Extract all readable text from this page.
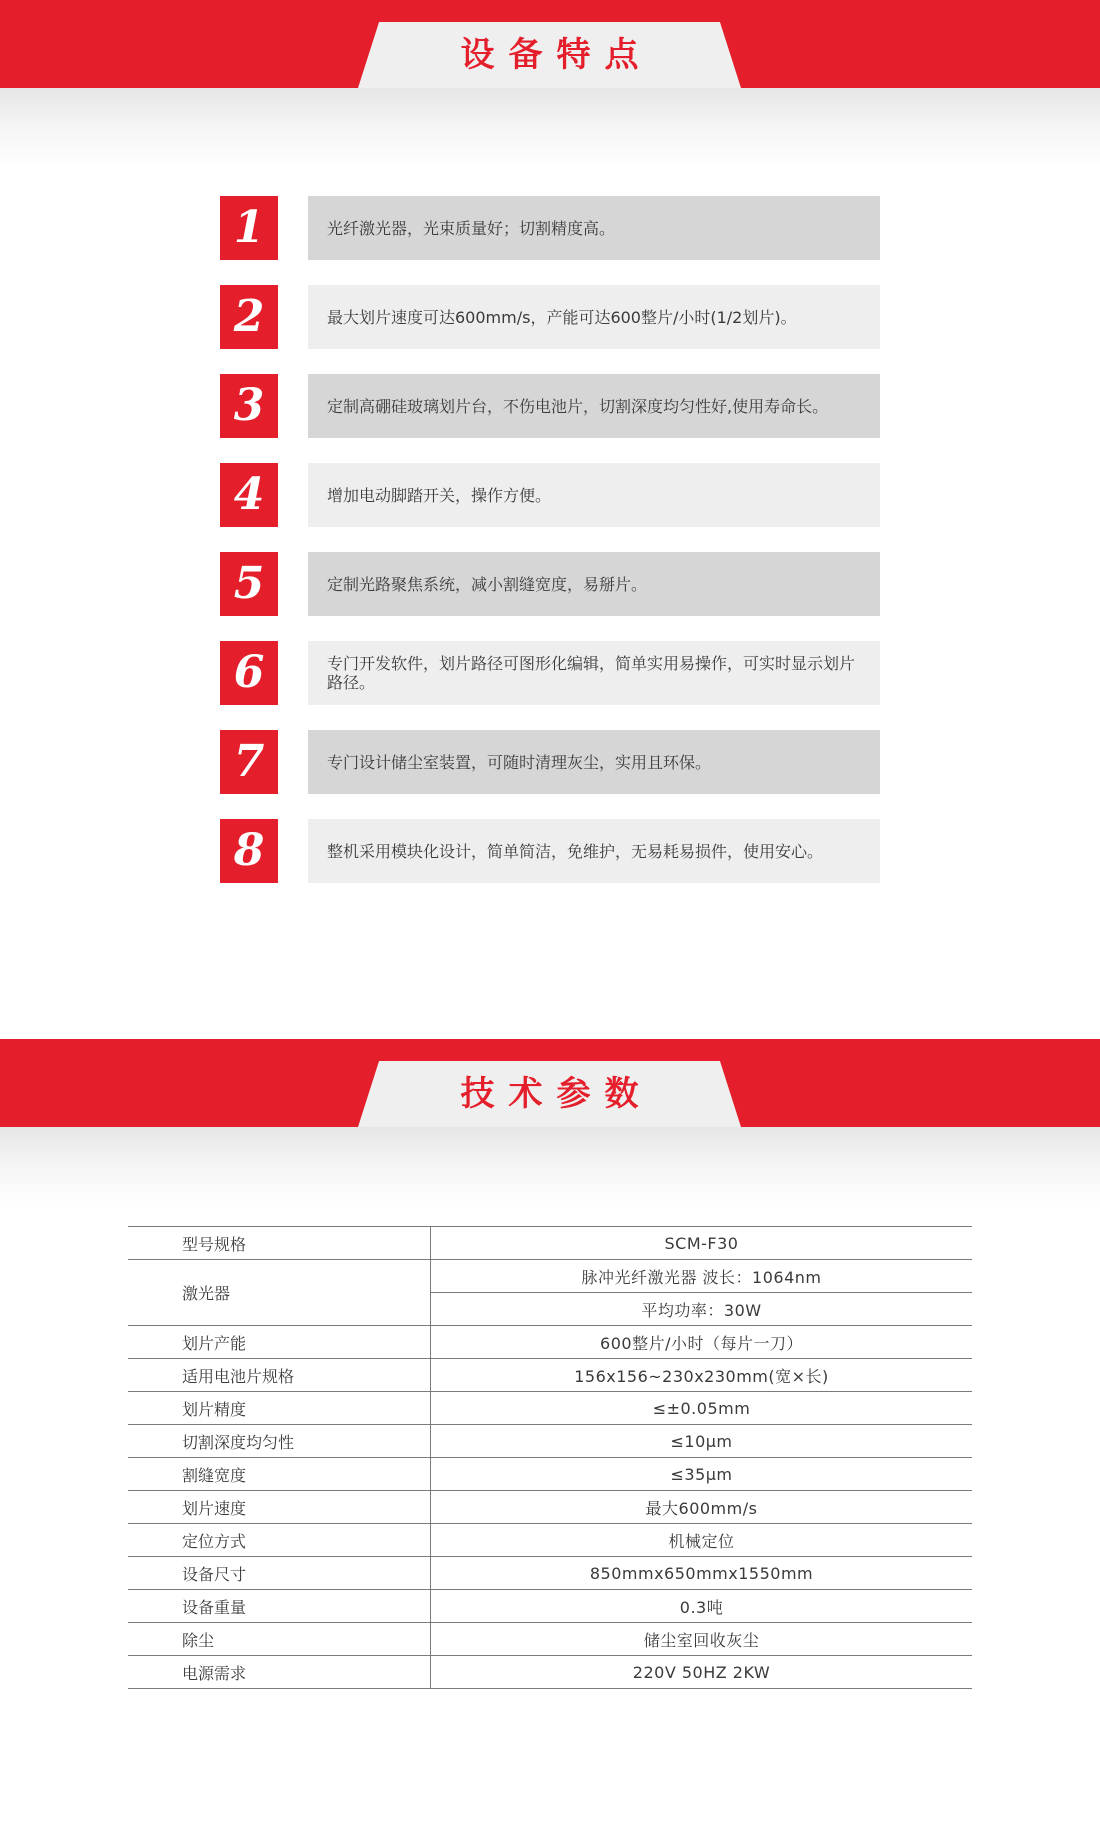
设备特点
1	光纤激光器，光束质量好；切割精度高。
2	最大划片速度可达600mm/s，产能可达600整片/小时(1/2划片)。
3	定制高硼硅玻璃划片台，不伤电池片，切割深度均匀性好,使用寿命长。
4	增加电动脚踏开关，操作方便。
5	定制光路聚焦系统，减小割缝宽度，易掰片。
6	专门开发软件，划片路径可图形化编辑，简单实用易操作，可实时显示划片路径。
7	专门设计储尘室装置，可随时清理灰尘，实用且环保。
8	整机采用模块化设计，简单简洁，免维护，无易耗易损件，使用安心。
技术参数
型号规格	SCM-F30
激光器	脉冲光纤激光器 波长：1064nm
	平均功率：30W
划片产能	600整片/小时（每片一刀）
适用电池片规格	156x156~230x230mm(宽×长)
划片精度	≤±0.05mm
切割深度均匀性	≤10μm
割缝宽度	≤35μm
划片速度	最大600mm/s
定位方式	机械定位
设备尺寸	850mmx650mmx1550mm
设备重量	0.3吨
除尘	储尘室回收灰尘
电源需求	220V 50HZ 2KW
